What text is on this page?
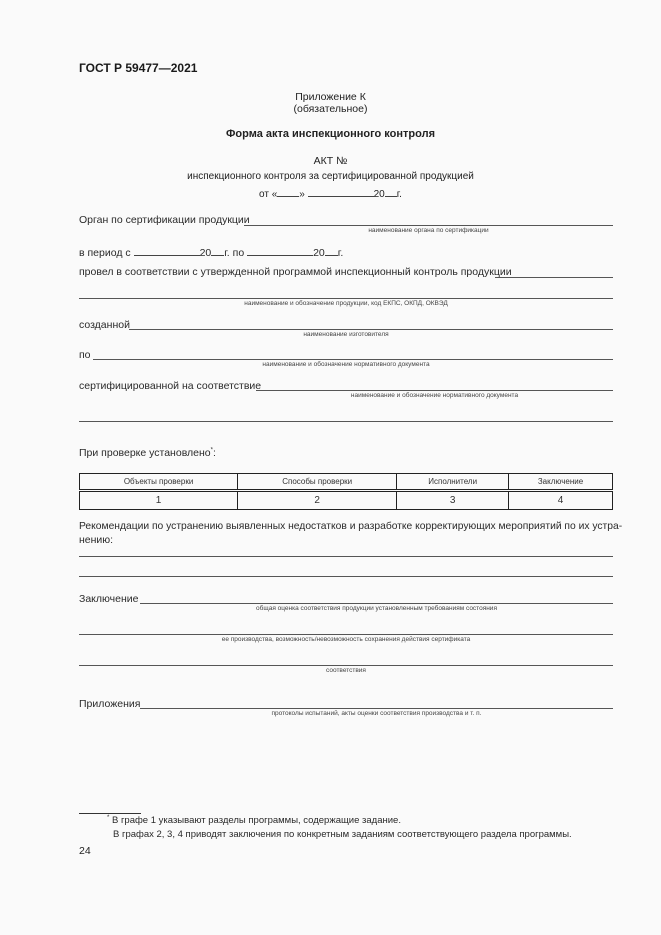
ГОСТ Р 59477—2021
Приложение К
(обязательное)
Форма акта инспекционного контроля
АКТ №
инспекционного контроля за сертифицированной продукцией
от « »	20 г.
Орган по сертификации продукции
наименование органа по сертификации
в период с	20 г. по	20 г.
провел в соответствии с утвержденной программой инспекционный контроль продукции
наименование и обозначение продукции, код ЕКПС, ОКПД, ОКВЭД
созданной
наименование изготовителя
по
наименование и обозначение нормативного документа
сертифицированной на соответствие
наименование и обозначение нормативного документа
При проверке установлено*:
Объекты проверки	Способы проверки	Исполнители	Заключение
1	2	3	4
Рекомендации по устранению выявленных недостатков и разработке корректирующих мероприятий по их устра-
нению:
Заключение
общая оценка соответствия продукции установленным требованиям состояния
ее производства, возможность/невозможность сохранения действия сертификата
соответствия
Приложения
протоколы испытаний, акты оценки соответствия производства и т. п.
* В графе 1 указывают разделы программы, содержащие задание.
В графах 2, 3, 4 приводят заключения по конкретным заданиям соответствующего раздела программы.
24
